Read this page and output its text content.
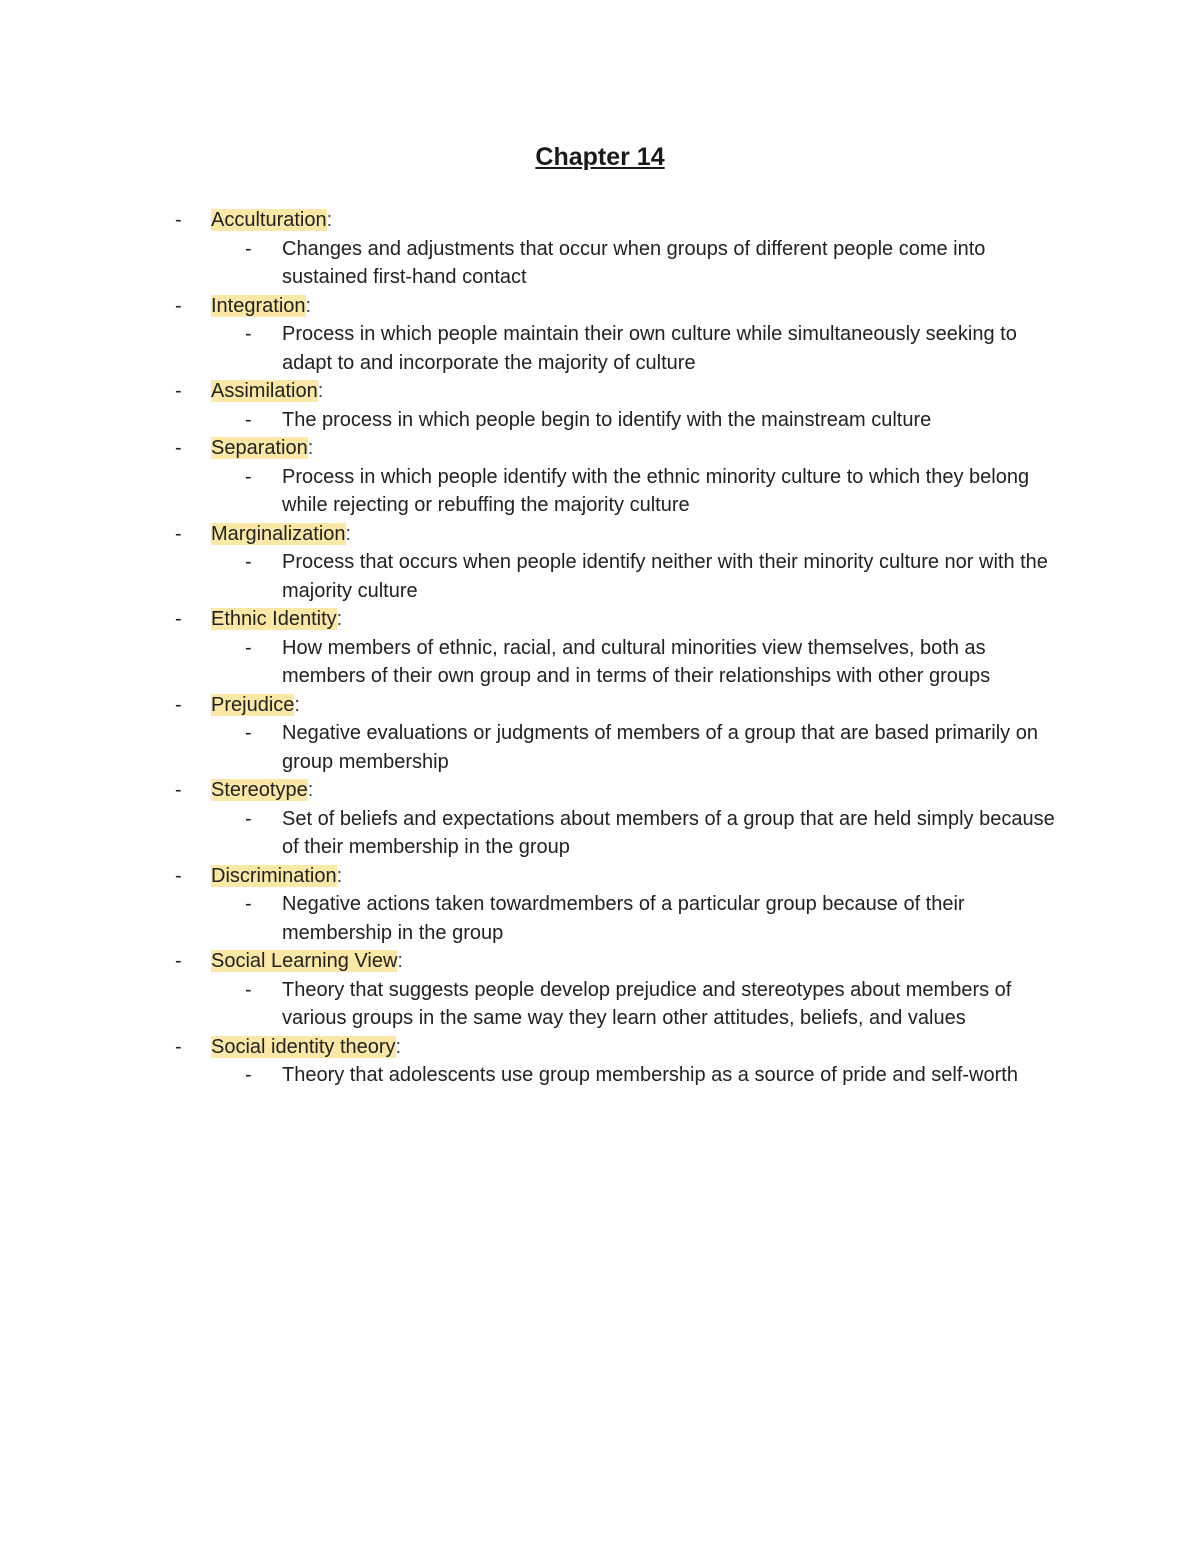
Chapter 14
-	Acculturation:
-	Changes and adjustments that occur when groups of different people come into sustained first-hand contact
-	Integration:
-	Process in which people maintain their own culture while simultaneously seeking to adapt to and incorporate the majority of culture
-	Assimilation:
-	The process in which people begin to identify with the mainstream culture
-	Separation:
-	Process in which people identify with the ethnic minority culture to which they belong while rejecting or rebuffing the majority culture
-	Marginalization:
-	Process that occurs when people identify neither with their minority culture nor with the majority culture
-	Ethnic Identity:
-	How members of ethnic, racial, and cultural minorities view themselves, both as members of their own group and in terms of their relationships with other groups
-	Prejudice:
-	Negative evaluations or judgments of members of a group that are based primarily on group membership
-	Stereotype:
-	Set of beliefs and expectations about members of a group that are held simply because of their membership in the group
-	Discrimination:
-	Negative actions taken towardmembers of a particular group because of their membership in the group
-	Social Learning View:
-	Theory that suggests people develop prejudice and stereotypes about members of various groups in the same way they learn other attitudes, beliefs, and values
-	Social identity theory:
-	Theory that adolescents use group membership as a source of pride and self-worth
